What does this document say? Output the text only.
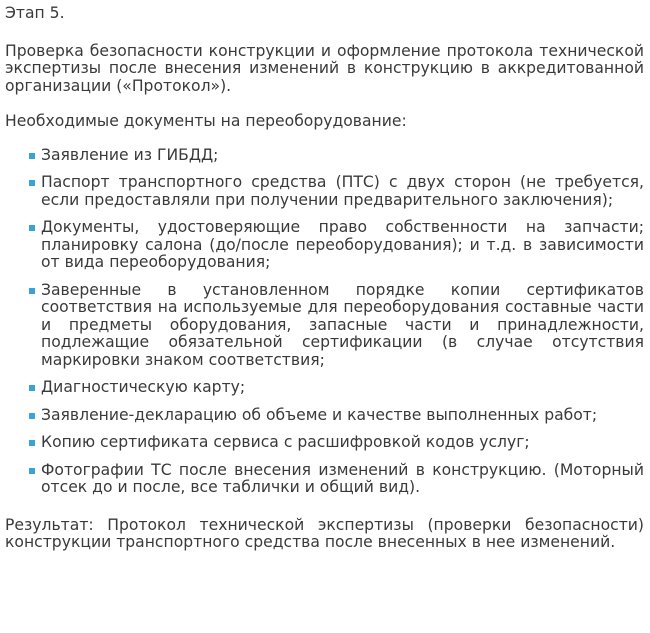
Этап 5.

Проверка безопасности конструкции и оформление протокола технической экспертизы после внесения изменений в конструкцию в аккредитованной организации («Протокол»).

Необходимые документы на переоборудование:

Заявление из ГИБДД;
Паспорт транспортного средства (ПТС) с двух сторон (не требуется, если предоставляли при получении предварительного заключения);
Документы, удостоверяющие право собственности на запчасти; планировку салона (до/после переоборудования); и т.д. в зависимости от вида переоборудования;
Заверенные в установленном порядке копии сертификатов соответствия на используемые для переоборудования составные части и предметы оборудования, запасные части и принадлежности, подлежащие обязательной сертификации (в случае отсутствия маркировки знаком соответствия;
Диагностическую карту;
Заявление-декларацию об объеме и качестве выполненных работ;
Копию сертификата сервиса с расшифровкой кодов услуг;
Фотографии ТС после внесения изменений в конструкцию. (Моторный отсек до и после, все таблички и общий вид).

Результат: Протокол технической экспертизы (проверки безопасности) конструкции транспортного средства после внесенных в нее изменений.
